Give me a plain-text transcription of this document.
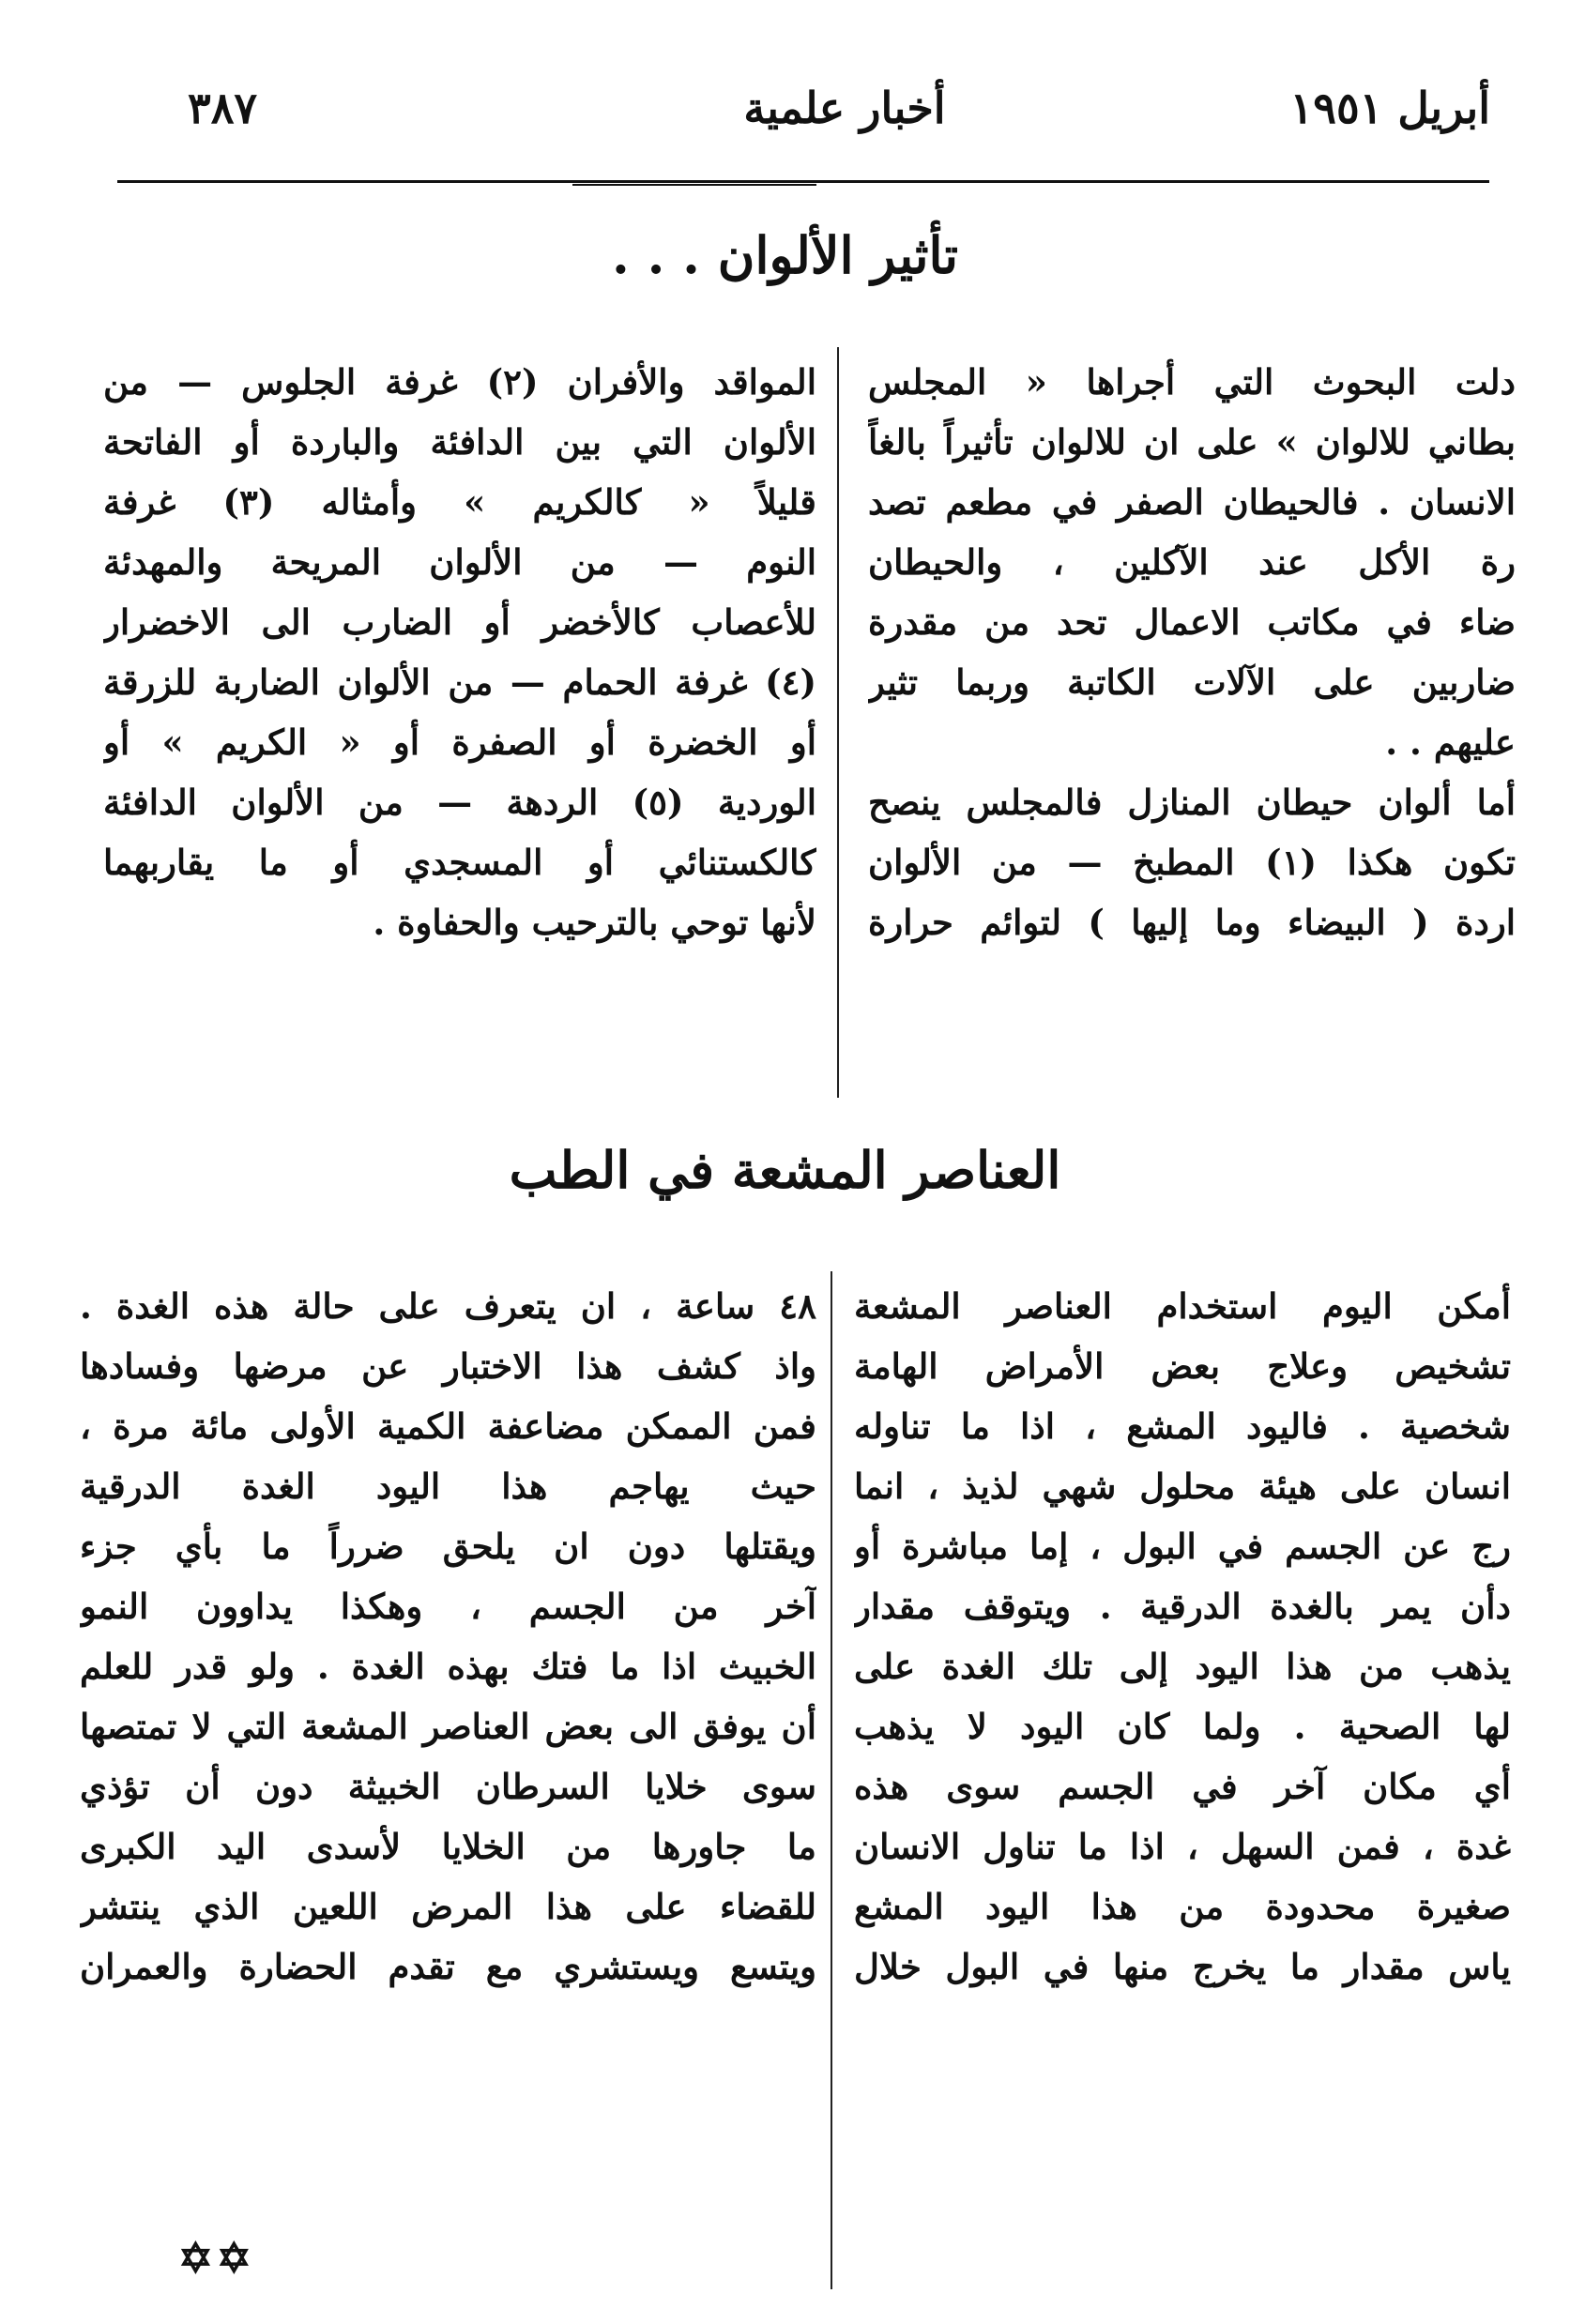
أبريل ١٩٥١
أخبار علمية
٣٨٧
تأثير الألوان . . .
دلت البحوث التي أجراها « المجلس
بطاني للالوان » على ان للالوان تأثيراً بالغاً
الانسان . فالحيطان الصفر في مطعم تصد
رة الأكل عند الآكلين ، والحيطان
ضاء في مكاتب الاعمال تحد من مقدرة
ضاربين على الآلات الكاتبة وربما تثير
عليهم . .
أما ألوان حيطان المنازل فالمجلس ينصح
تكون هكذا (١) المطبخ — من الألوان
اردة ( البيضاء وما إليها ) لتوائم حرارة
المواقد والأفران (٢) غرفة الجلوس — من
الألوان التي بين الدافئة والباردة أو الفاتحة
قليلاً « كالكريم » وأمثاله (٣) غرفة
النوم — من الألوان المريحة والمهدئة
للأعصاب كالأخضر أو الضارب الى الاخضرار
(٤) غرفة الحمام — من الألوان الضاربة للزرقة
أو الخضرة أو الصفرة أو « الكريم » أو
الوردية (٥) الردهة — من الألوان الدافئة
كالكستنائي أو المسجدي أو ما يقاربهما
لأنها توحي بالترحيب والحفاوة .
العناصر المشعة في الطب
أمكن اليوم استخدام العناصر المشعة
تشخيص وعلاج بعض الأمراض الهامة
شخصية . فاليود المشع ، اذا ما تناوله
انسان على هيئة محلول شهي لذيذ ، انما
رج عن الجسم في البول ، إما مباشرة أو
دأن يمر بالغدة الدرقية . ويتوقف مقدار
يذهب من هذا اليود إلى تلك الغدة على
لها الصحية . ولما كان اليود لا يذهب
أي مكان آخر في الجسم سوى هذه
غدة ، فمن السهل ، اذا ما تناول الانسان
صغيرة محدودة من هذا اليود المشع
ياس مقدار ما يخرج منها في البول خلال
٤٨ ساعة ، ان يتعرف على حالة هذه الغدة .
واذ كشف هذا الاختبار عن مرضها وفسادها
فمن الممكن مضاعفة الكمية الأولى مائة مرة ،
حيث يهاجم هذا اليود الغدة الدرقية
ويقتلها دون ان يلحق ضرراً ما بأي جزء
آخر من الجسم ، وهكذا يداوون النمو
الخبيث اذا ما فتك بهذه الغدة . ولو قدر للعلم
أن يوفق الى بعض العناصر المشعة التي لا تمتصها
سوى خلايا السرطان الخبيثة دون أن تؤذي
ما جاورها من الخلايا لأسدى اليد الكبرى
للقضاء على هذا المرض اللعين الذي ينتشر
ويتسع ويستشري مع تقدم الحضارة والعمران
✡✡
